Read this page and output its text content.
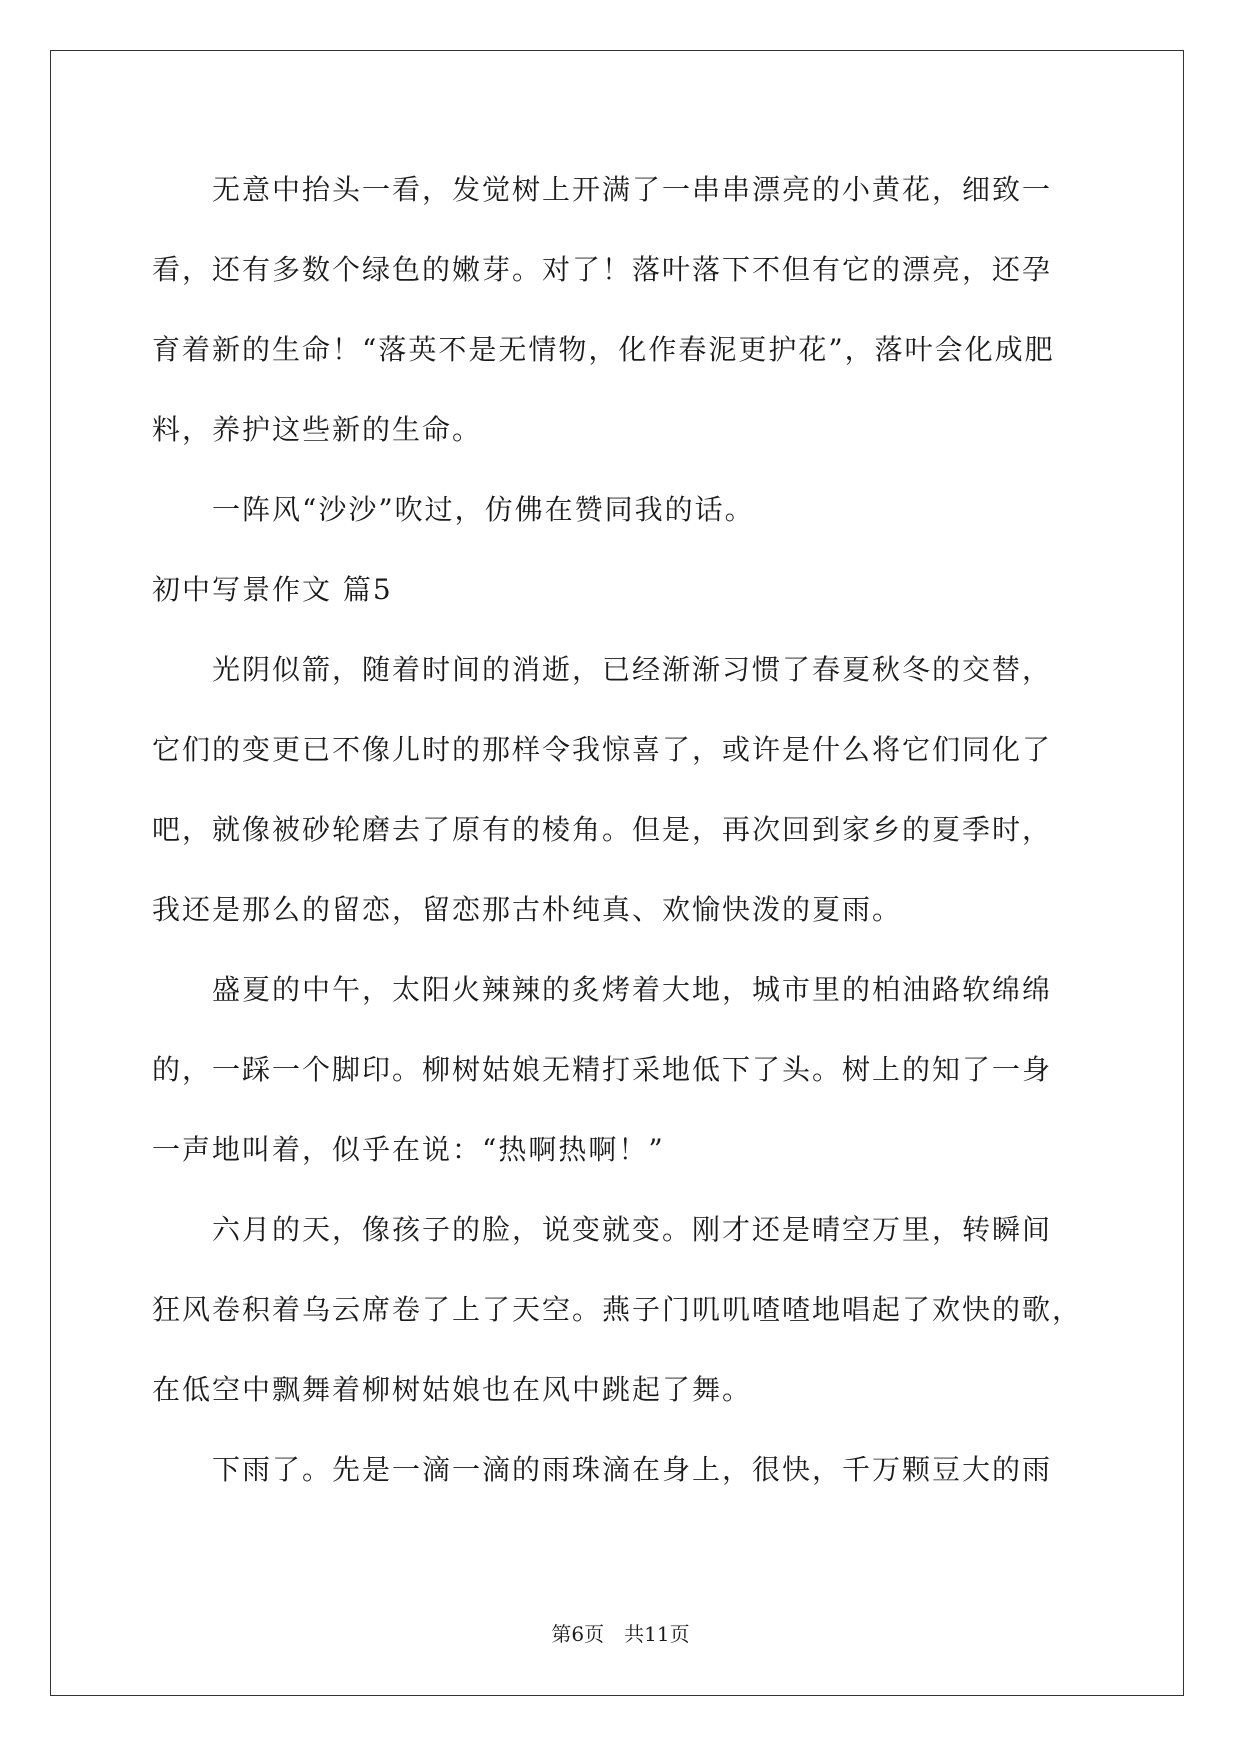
　　无意中抬头一看，发觉树上开满了一串串漂亮的小黄花，细致一
看，还有多数个绿色的嫩芽。对了！落叶落下不但有它的漂亮，还孕
育着新的生命！“落英不是无情物，化作春泥更护花”，落叶会化成肥
料，养护这些新的生命。
　　一阵风“沙沙”吹过，仿佛在赞同我的话。
初中写景作文 篇5
　　光阴似箭，随着时间的消逝，已经渐渐习惯了春夏秋冬的交替，
它们的变更已不像儿时的那样令我惊喜了，或许是什么将它们同化了
吧，就像被砂轮磨去了原有的棱角。但是，再次回到家乡的夏季时，
我还是那么的留恋，留恋那古朴纯真、欢愉快泼的夏雨。
　　盛夏的中午，太阳火辣辣的炙烤着大地，城市里的柏油路软绵绵
的，一踩一个脚印。柳树姑娘无精打采地低下了头。树上的知了一身
一声地叫着，似乎在说：“热啊热啊！”
　　六月的天，像孩子的脸，说变就变。刚才还是晴空万里，转瞬间
狂风卷积着乌云席卷了上了天空。燕子门叽叽喳喳地唱起了欢快的歌，
在低空中飘舞着柳树姑娘也在风中跳起了舞。
　　下雨了。先是一滴一滴的雨珠滴在身上，很快，千万颗豆大的雨
第6页　共11页
